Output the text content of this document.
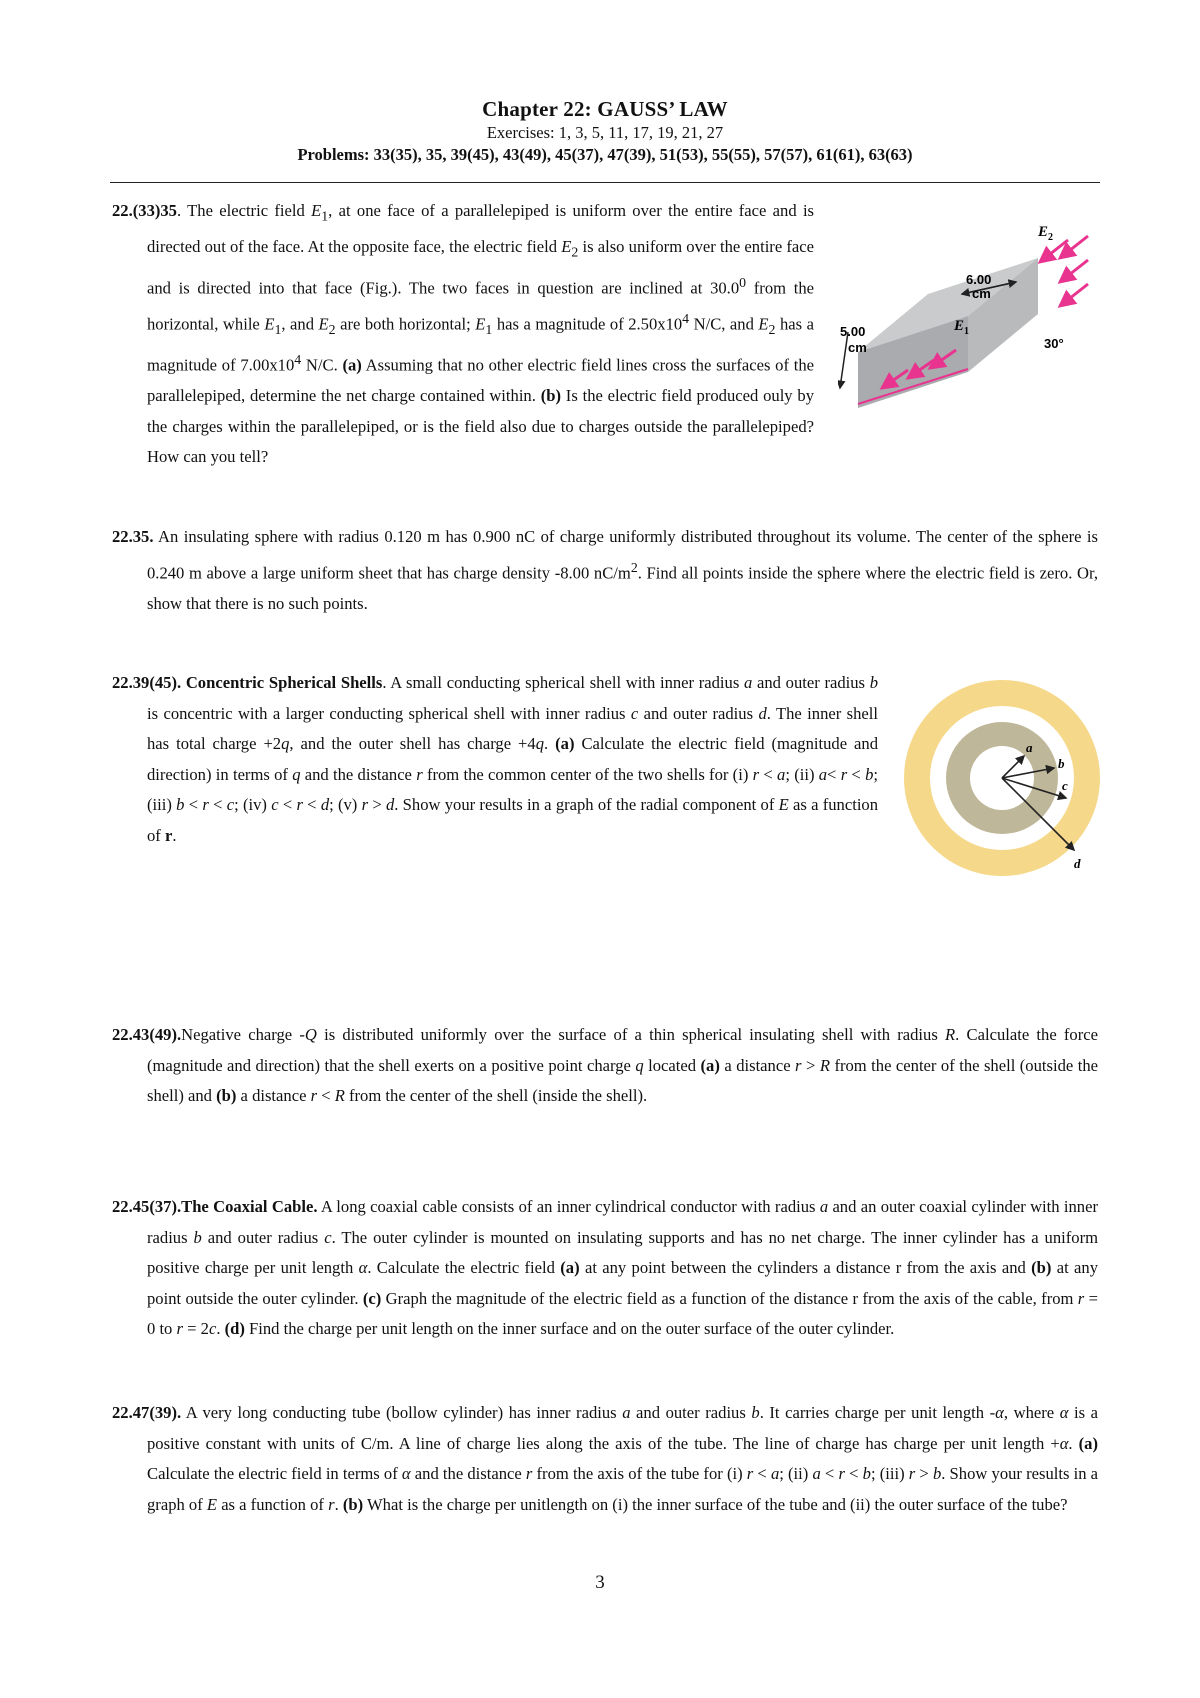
Chapter 22: GAUSS’ LAW
Exercises: 1, 3, 5, 11, 17, 19, 21, 27
Problems: 33(35), 35, 39(45), 43(49), 45(37), 47(39), 51(53), 55(55), 57(57), 61(61), 63(63)

22.(33)35. The electric field $E_1$, at one face of a parallelepiped is uniform over the entire face and is directed out of the face. At the opposite face, the electric field $E_2$ is also uniform over the entire face and is directed into that face (Fig.). The two faces in question are inclined at 30.0$^0$ from the horizontal, while $E_1$, and $E_2$ are both horizontal; $E_1$ has a magnitude of $2.50x10^4$ N/C, and $E_2$ has a magnitude of $7.00x10^4$ N/C. (a) Assuming that no other electric field lines cross the surfaces of the parallelepiped, determine the net charge contained within. (b) Is the electric field produced ouly by the charges within the parallelepiped, or is the field also due to charges outside the parallelepiped? How can you tell?

$E_2$
6.00
cm
$E_1$
30°
5.00
cm

22.35. An insulating sphere with radius 0.120 m has 0.900 nC of charge uniformly distributed throughout its volume. The center of the sphere is 0.240 m above a large uniform sheet that has charge density -8.00 $nC/m^2$. Find all points inside the sphere where the electric field is zero. Or, show that there is no such points.

22.39(45). Concentric Spherical Shells. A small conducting spherical shell with inner radius a and outer radius b is concentric with a larger conducting spherical shell with inner radius c and outer radius d. The inner shell has total charge +2q, and the outer shell has charge +4q. (a) Calculate the electric field (magnitude and direction) in terms of q and the distance r from the common center of the two shells for (i) r < a; (ii) a< r < b; (iii) b < r < c; (iv) c < r < d; (v) r > d. Show your results in a graph of the radial component of E as a function of r.

a
b
c
d

22.43(49).Negative charge -Q is distributed uniformly over the surface of a thin spherical insulating shell with radius R. Calculate the force (magnitude and direction) that the shell exerts on a positive point charge q located (a) a distance r > R from the center of the shell (outside the shell) and (b) a distance r < R from the center of the shell (inside the shell).

22.45(37).The Coaxial Cable. A long coaxial cable consists of an inner cylindrical conductor with radius a and an outer coaxial cylinder with inner radius b and outer radius c. The outer cylinder is mounted on insulating supports and has no net charge. The inner cylinder has a uniform positive charge per unit length α. Calculate the electric field (a) at any point between the cylinders a distance r from the axis and (b) at any point outside the outer cylinder. (c) Graph the magnitude of the electric field as a function of the distance r from the axis of the cable, from r = 0 to r = 2c. (d) Find the charge per unit length on the inner surface and on the outer surface of the outer cylinder.

22.47(39). A very long conducting tube (bollow cylinder) has inner radius a and outer radius b. It carries charge per unit length -α, where α is a positive constant with units of C/m. A line of charge lies along the axis of the tube. The line of charge has charge per unit length +α. (a) Calculate the electric field in terms of α and the distance r from the axis of the tube for (i) r < a; (ii) a < r < b; (iii) r > b. Show your results in a graph of E as a function of r. (b) What is the charge per unitlength on (i) the inner surface of the tube and (ii) the outer surface of the tube?

3
